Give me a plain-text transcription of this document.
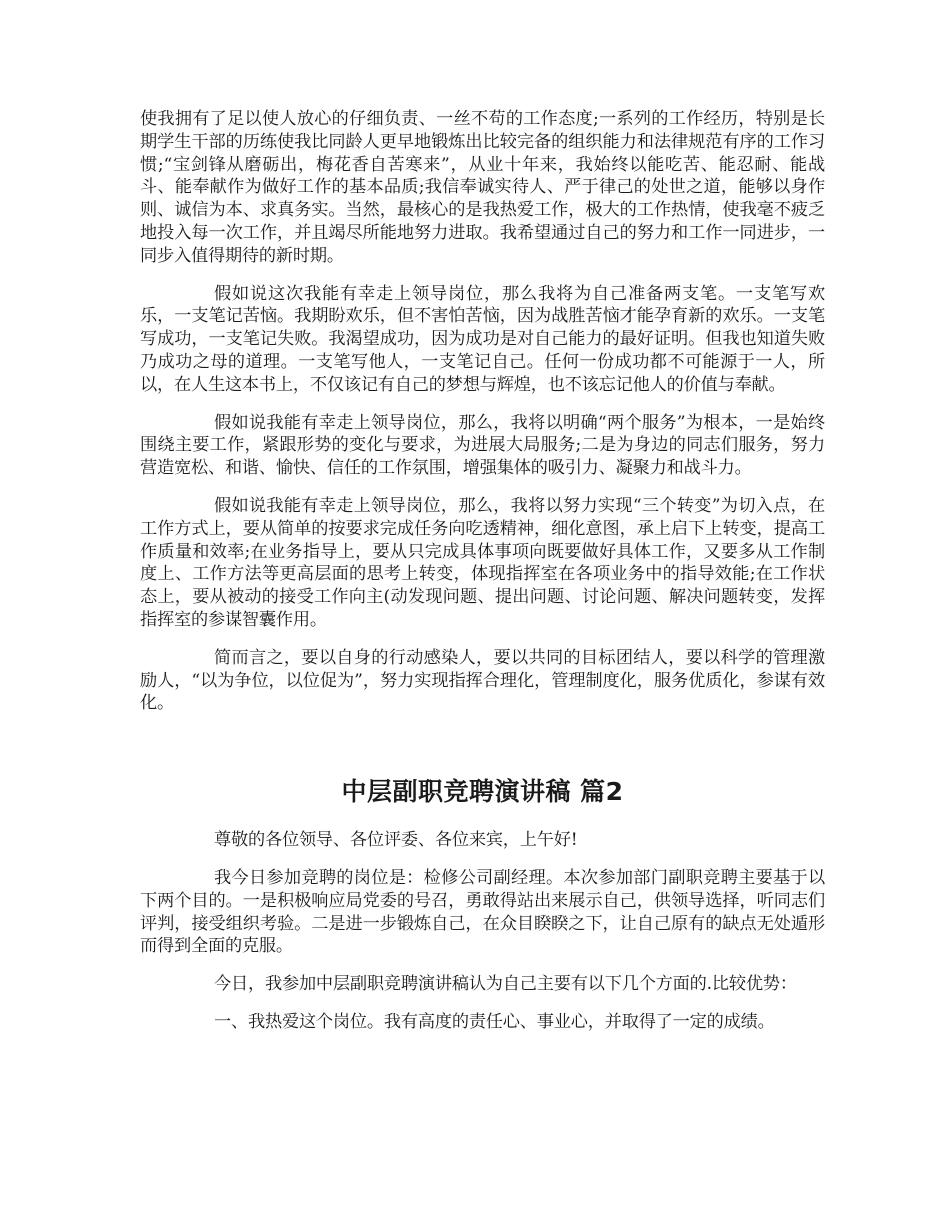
使我拥有了足以使人放心的仔细负责、一丝不苟的工作态度;一系列的工作经历，特别是长期学生干部的历练使我比同龄人更早地锻炼出比较完备的组织能力和法律规范有序的工作习惯;“宝剑锋从磨砺出，梅花香自苦寒来”，从业十年来，我始终以能吃苦、能忍耐、能战斗、能奉献作为做好工作的基本品质;我信奉诚实待人、严于律己的处世之道，能够以身作则、诚信为本、求真务实。当然，最核心的是我热爱工作，极大的工作热情，使我毫不疲乏地投入每一次工作，并且竭尽所能地努力进取。我希望通过自己的努力和工作一同进步，一同步入值得期待的新时期。

假如说这次我能有幸走上领导岗位，那么我将为自己准备两支笔。一支笔写欢乐，一支笔记苦恼。我期盼欢乐，但不害怕苦恼，因为战胜苦恼才能孕育新的欢乐。一支笔写成功，一支笔记失败。我渴望成功，因为成功是对自己能力的最好证明。但我也知道失败乃成功之母的道理。一支笔写他人，一支笔记自己。任何一份成功都不可能源于一人，所以，在人生这本书上，不仅该记有自己的梦想与辉煌，也不该忘记他人的价值与奉献。

假如说我能有幸走上领导岗位，那么，我将以明确“两个服务”为根本，一是始终围绕主要工作，紧跟形势的变化与要求，为进展大局服务;二是为身边的同志们服务，努力营造宽松、和谐、愉快、信任的工作氛围，增强集体的吸引力、凝聚力和战斗力。

假如说我能有幸走上领导岗位，那么，我将以努力实现“三个转变”为切入点，在工作方式上，要从简单的按要求完成任务向吃透精神，细化意图，承上启下上转变，提高工作质量和效率;在业务指导上，要从只完成具体事项向既要做好具体工作，又要多从工作制度上、工作方法等更高层面的思考上转变，体现指挥室在各项业务中的指导效能;在工作状态上，要从被动的接受工作向主(动发现问题、提出问题、讨论问题、解决问题转变，发挥指挥室的参谋智囊作用。

简而言之，要以自身的行动感染人，要以共同的目标团结人，要以科学的管理激励人，“以为争位，以位促为”，努力实现指挥合理化，管理制度化，服务优质化，参谋有效化。

中层副职竞聘演讲稿 篇2

尊敬的各位领导、各位评委、各位来宾，上午好!

我今日参加竞聘的岗位是：检修公司副经理。本次参加部门副职竞聘主要基于以下两个目的。一是积极响应局党委的号召，勇敢得站出来展示自己，供领导选择，听同志们评判，接受组织考验。二是进一步锻炼自己，在众目睽睽之下，让自己原有的缺点无处遁形而得到全面的克服。

今日，我参加中层副职竞聘演讲稿认为自己主要有以下几个方面的.比较优势：

一、我热爱这个岗位。我有高度的责任心、事业心，并取得了一定的成绩。
